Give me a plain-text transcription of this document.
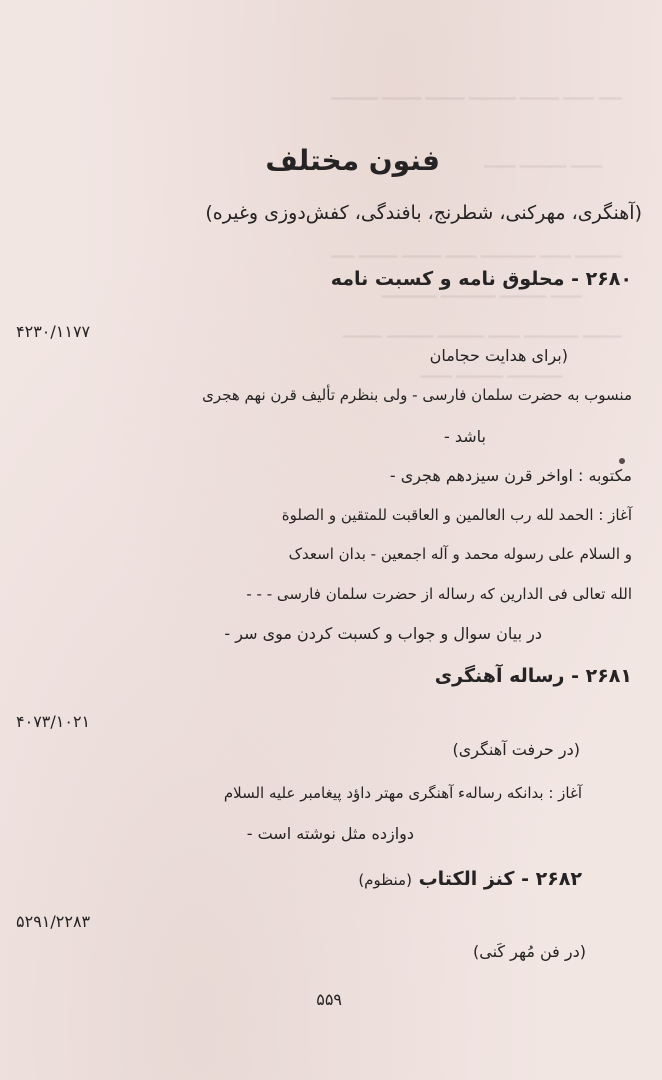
━━━ ━━━━ ━━━━━ ━━━━━━ ━━━━━ ━━━━━ ━━━━━━
━━━━ ━━━━━━ ━━━━
━━━━━━ ━━━━ ━━━━━━━ ━━━━ ━━━━━ ━━━━━ ━━━
━━━━ ━━━━━━ ━━━━━━━ ━━━━━━━
━━━━━ ━━━━━━━ ━━━━ ━━━━━━ ━━━━━━ ━━━━━
━━━━━━━ ━━━━━━ ━━━━
فنون مختلف
(آهنگری، مهرکنی، شطرنج، بافندگی، کفش‌دوزی وغیره)
۲۶۸۰ - محلوق نامه و کسبت نامه
۴۲۳۰/۱۱۷۷
(برای هدایت حجامان
منسوب به حضرت سلمان فارسی - ولی بنظرم تألیف قرن نهم هجری
باشد -
مکتوبه : اواخر قرن سیزدهم هجری -
آغاز : الحمد لله رب العالمین و العاقبت للمتقین و الصلوة
و السلام علی رسوله محمد و آله اجمعین - بدان اسعدک
الله تعالی فی الدارین که رساله از حضرت سلمان فارسی - - -
در بیان سوال و جواب و کسبت کردن موی سر -
۲۶۸۱ - رساله آهنگری
۴۰۷۳/۱۰۲۱
(در حرفت آهنگری)
آغاز : بدانکه رساله‌ء آهنگری مهتر داؤد پیغامبر علیه السلام
دوازده مثل نوشته است -
۲۶۸۲ - کنز الکتاب (منظوم)
۵۲۹۱/۲۲۸۳
(در فن مُهر کَنی)
۵۵۹
